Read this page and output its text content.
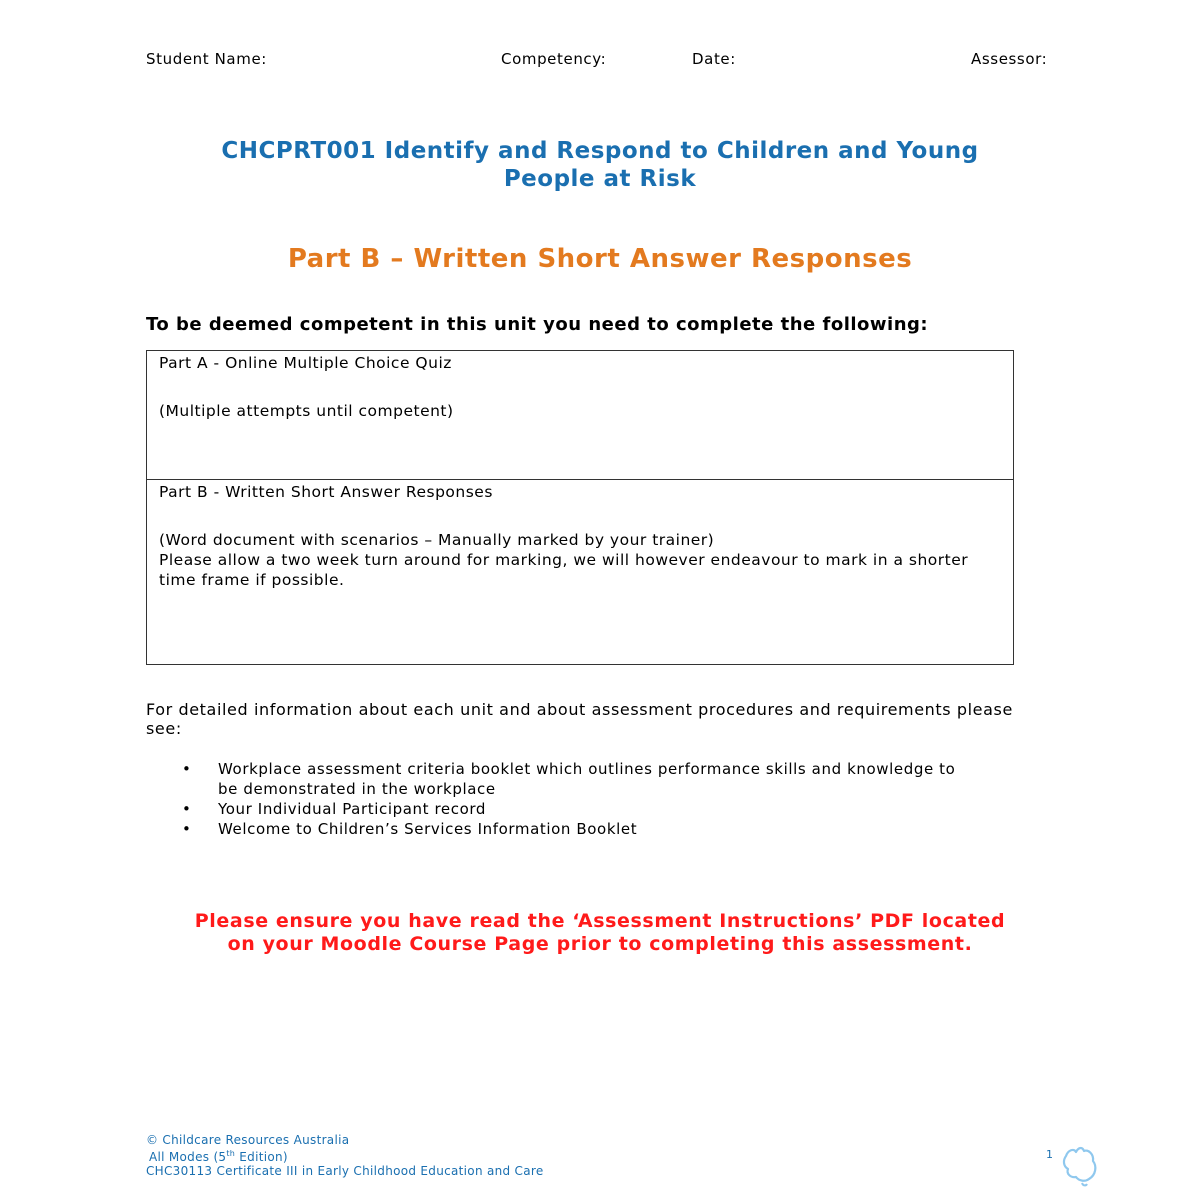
Student Name:	Competency:	Date:	Assessor:
CHCPRT001 Identify and Respond to Children and Young
People at Risk
Part B – Written Short Answer Responses
To be deemed competent in this unit you need to complete the following:

Part A - Online Multiple Choice Quiz

(Multiple attempts until competent)

Part B - Written Short Answer Responses

(Word document with scenarios – Manually marked by your trainer)

Please allow a two week turn around for marking, we will however endeavour to mark in a shorter time frame if possible.

For detailed information about each unit and about assessment procedures and requirements please see:

• Workplace assessment criteria booklet which outlines performance skills and knowledge to be demonstrated in the workplace
• Your Individual Participant record
• Welcome to Children’s Services Information Booklet
Please ensure you have read the ‘Assessment Instructions’ PDF located
on your Moodle Course Page prior to completing this assessment.

© Childcare Resources Australia

All Modes (5th Edition)

CHC30113 Certificate III in Early Childhood Education and Care

1
